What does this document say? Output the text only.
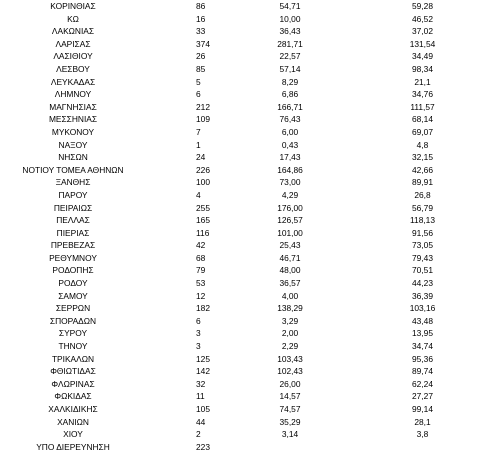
ΚΟΡΙΝΘΙΑΣ	86	54,71	59,28
ΚΩ	16	10,00	46,52
ΛΑΚΩΝΙΑΣ	33	36,43	37,02
ΛΑΡΙΣΑΣ	374	281,71	131,54
ΛΑΣΙΘΙΟΥ	26	22,57	34,49
ΛΕΣΒΟΥ	85	57,14	98,34
ΛΕΥΚΑΔΑΣ	5	8,29	21,1
ΛΗΜΝΟΥ	6	6,86	34,76
ΜΑΓΝΗΣΙΑΣ	212	166,71	111,57
ΜΕΣΣΗΝΙΑΣ	109	76,43	68,14
ΜΥΚΟΝΟΥ	7	6,00	69,07
ΝΑΞΟΥ	1	0,43	4,8
ΝΗΣΩΝ	24	17,43	32,15
ΝΟΤΙΟΥ ΤΟΜΕΑ ΑΘΗΝΩΝ	226	164,86	42,66
ΞΑΝΘΗΣ	100	73,00	89,91
ΠΑΡΟΥ	4	4,29	26,8
ΠΕΙΡΑΙΩΣ	255	176,00	56,79
ΠΕΛΛΑΣ	165	126,57	118,13
ΠΙΕΡΙΑΣ	116	101,00	91,56
ΠΡΕΒΕΖΑΣ	42	25,43	73,05
ΡΕΘΥΜΝΟΥ	68	46,71	79,43
ΡΟΔΟΠΗΣ	79	48,00	70,51
ΡΟΔΟΥ	53	36,57	44,23
ΣΑΜΟΥ	12	4,00	36,39
ΣΕΡΡΩΝ	182	138,29	103,16
ΣΠΟΡΑΔΩΝ	6	3,29	43,48
ΣΥΡΟΥ	3	2,00	13,95
ΤΗΝΟΥ	3	2,29	34,74
ΤΡΙΚΑΛΩΝ	125	103,43	95,36
ΦΘΙΩΤΙΔΑΣ	142	102,43	89,74
ΦΛΩΡΙΝΑΣ	32	26,00	62,24
ΦΩΚΙΔΑΣ	11	14,57	27,27
ΧΑΛΚΙΔΙΚΗΣ	105	74,57	99,14
ΧΑΝΙΩΝ	44	35,29	28,1
ΧΙΟΥ	2	3,14	3,8
ΥΠΟ ΔΙΕΡΕΥΝΗΣΗ	223
